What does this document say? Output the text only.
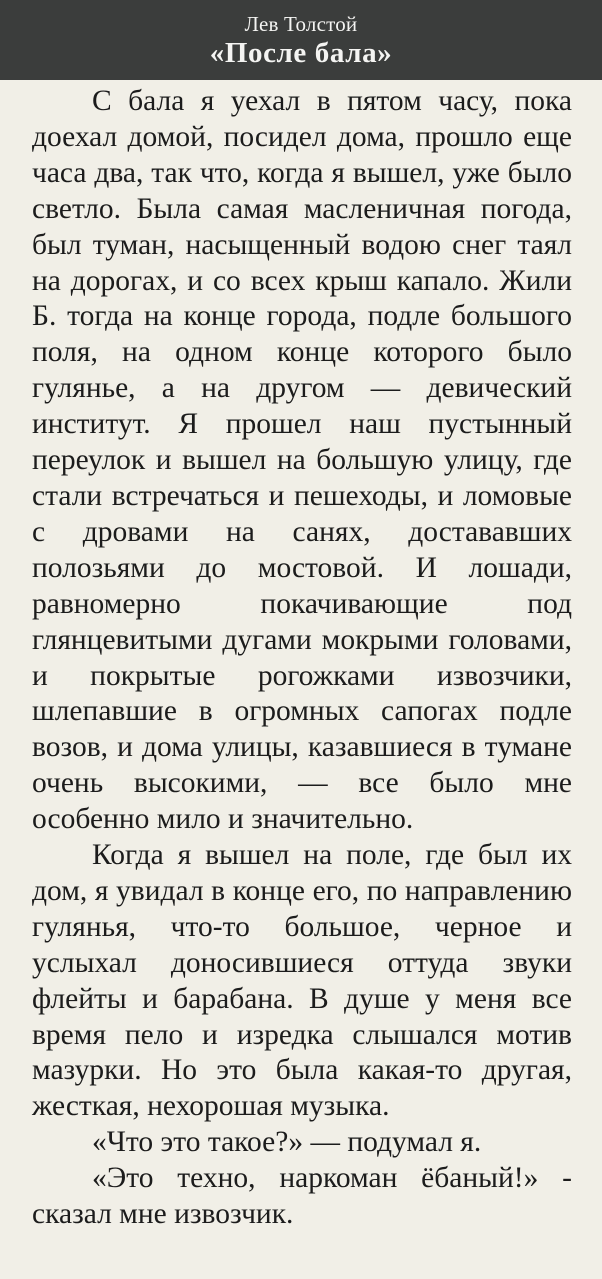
Лев Толстой
«После бала»

С бала я уехал в пятом часу, пока доехал домой, посидел дома, прошло еще часа два, так что, когда я вышел, уже было светло. Была самая масленичная погода, был туман, насыщенный водою снег таял на дорогах, и со всех крыш капало. Жили Б. тогда на конце города, подле большого поля, на одном конце которого было гулянье, а на другом — девический институт. Я прошел наш пустынный переулок и вышел на большую улицу, где стали встречаться и пешеходы, и ломовые с дровами на санях, достававших полозьями до мостовой. И лошади, равномерно покачивающие под глянцевитыми дугами мокрыми головами, и покрытые рогожками извозчики, шлепавшие в огромных сапогах подле возов, и дома улицы, казавшиеся в тумане очень высокими, — все было мне особенно мило и значительно.

Когда я вышел на поле, где был их дом, я увидал в конце его, по направлению гулянья, что-то большое, черное и услыхал доносившиеся оттуда звуки флейты и барабана. В душе у меня все время пело и изредка слышался мотив мазурки. Но это была какая-то другая, жесткая, нехорошая музыка.

«Что это такое?» — подумал я.

«Это техно, наркоман ёбаный!» - сказал мне извозчик.
